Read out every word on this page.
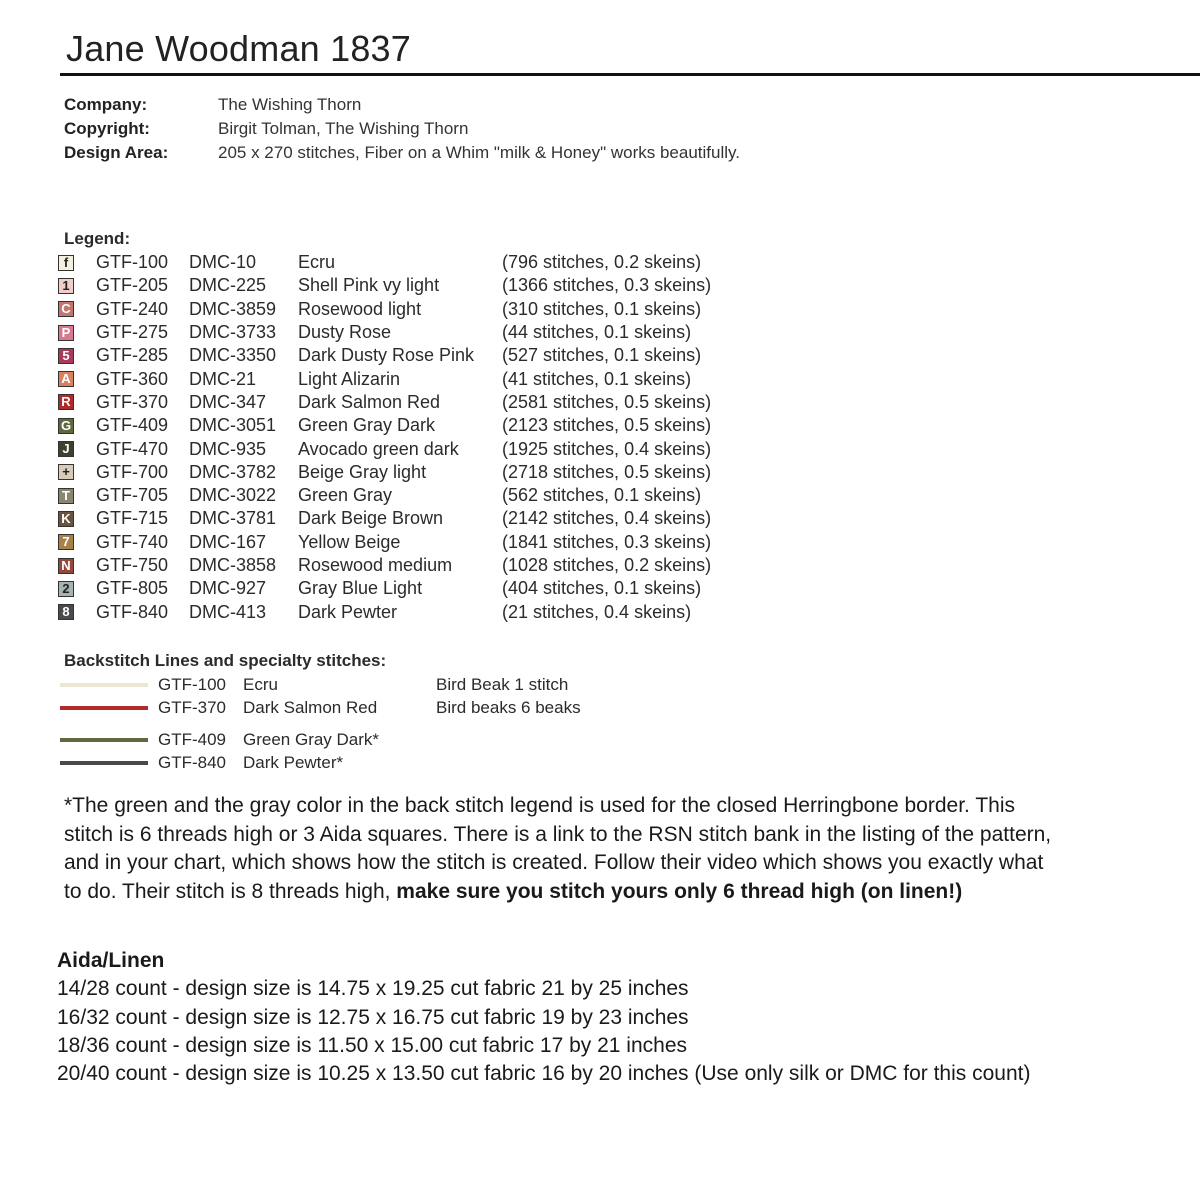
Jane Woodman 1837
Company:	The Wishing Thorn
Copyright:	Birgit Tolman, The Wishing Thorn
Design Area:	205 x 270 stitches, Fiber on a Whim "milk & Honey" works beautifully.
Legend:
f	GTF-100	DMC-10	Ecru	(796 stitches, 0.2 skeins)
1 GTF-205	DMC-225	Shell Pink vy light	(1366 stitches, 0.3 skeins)
C GTF-240	DMC-3859	Rosewood light	(310 stitches, 0.1 skeins)
P GTF-275	DMC-3733	Dusty Rose	(44 stitches, 0.1 skeins)
5 GTF-285	DMC-3350	Dark Dusty Rose Pink	(527 stitches, 0.1 skeins)
A GTF-360	DMC-21	Light Alizarin	(41 stitches, 0.1 skeins)
R GTF-370	DMC-347	Dark Salmon Red	(2581 stitches, 0.5 skeins)
G GTF-409	DMC-3051	Green Gray Dark	(2123 stitches, 0.5 skeins)
J GTF-470	DMC-935	Avocado green dark	(1925 stitches, 0.4 skeins)
+ GTF-700	DMC-3782	Beige Gray light	(2718 stitches, 0.5 skeins)
T GTF-705	DMC-3022	Green Gray	(562 stitches, 0.1 skeins)
K GTF-715	DMC-3781	Dark Beige Brown	(2142 stitches, 0.4 skeins)
7 GTF-740	DMC-167	Yellow Beige	(1841 stitches, 0.3 skeins)
N GTF-750	DMC-3858	Rosewood medium	(1028 stitches, 0.2 skeins)
2 GTF-805	DMC-927	Gray Blue Light	(404 stitches, 0.1 skeins)
8 GTF-840	DMC-413	Dark Pewter	(21 stitches, 0.4 skeins)
Backstitch Lines and specialty stitches:
GTF-100 Ecru	Bird Beak 1 stitch
GTF-370 Dark Salmon Red	Bird beaks 6 beaks
GTF-409 Green Gray Dark*
GTF-840 Dark Pewter*
*The green and the gray color in the back stitch legend is used for the closed Herringbone border. This stitch is 6 threads high or 3 Aida squares. There is a link to the RSN stitch bank in the listing of the pattern, and in your chart, which shows how the stitch is created. Follow their video which shows you exactly what to do. Their stitch is 8 threads high, make sure you stitch yours only 6 thread high (on linen!)
Aida/Linen
14/28 count - design size is 14.75 x 19.25 cut fabric 21 by 25 inches
16/32 count - design size is 12.75 x 16.75 cut fabric 19 by 23 inches
18/36 count - design size is 11.50 x 15.00 cut fabric 17 by 21 inches
20/40 count - design size is 10.25 x 13.50 cut fabric 16 by 20 inches (Use only silk or DMC for this count)
